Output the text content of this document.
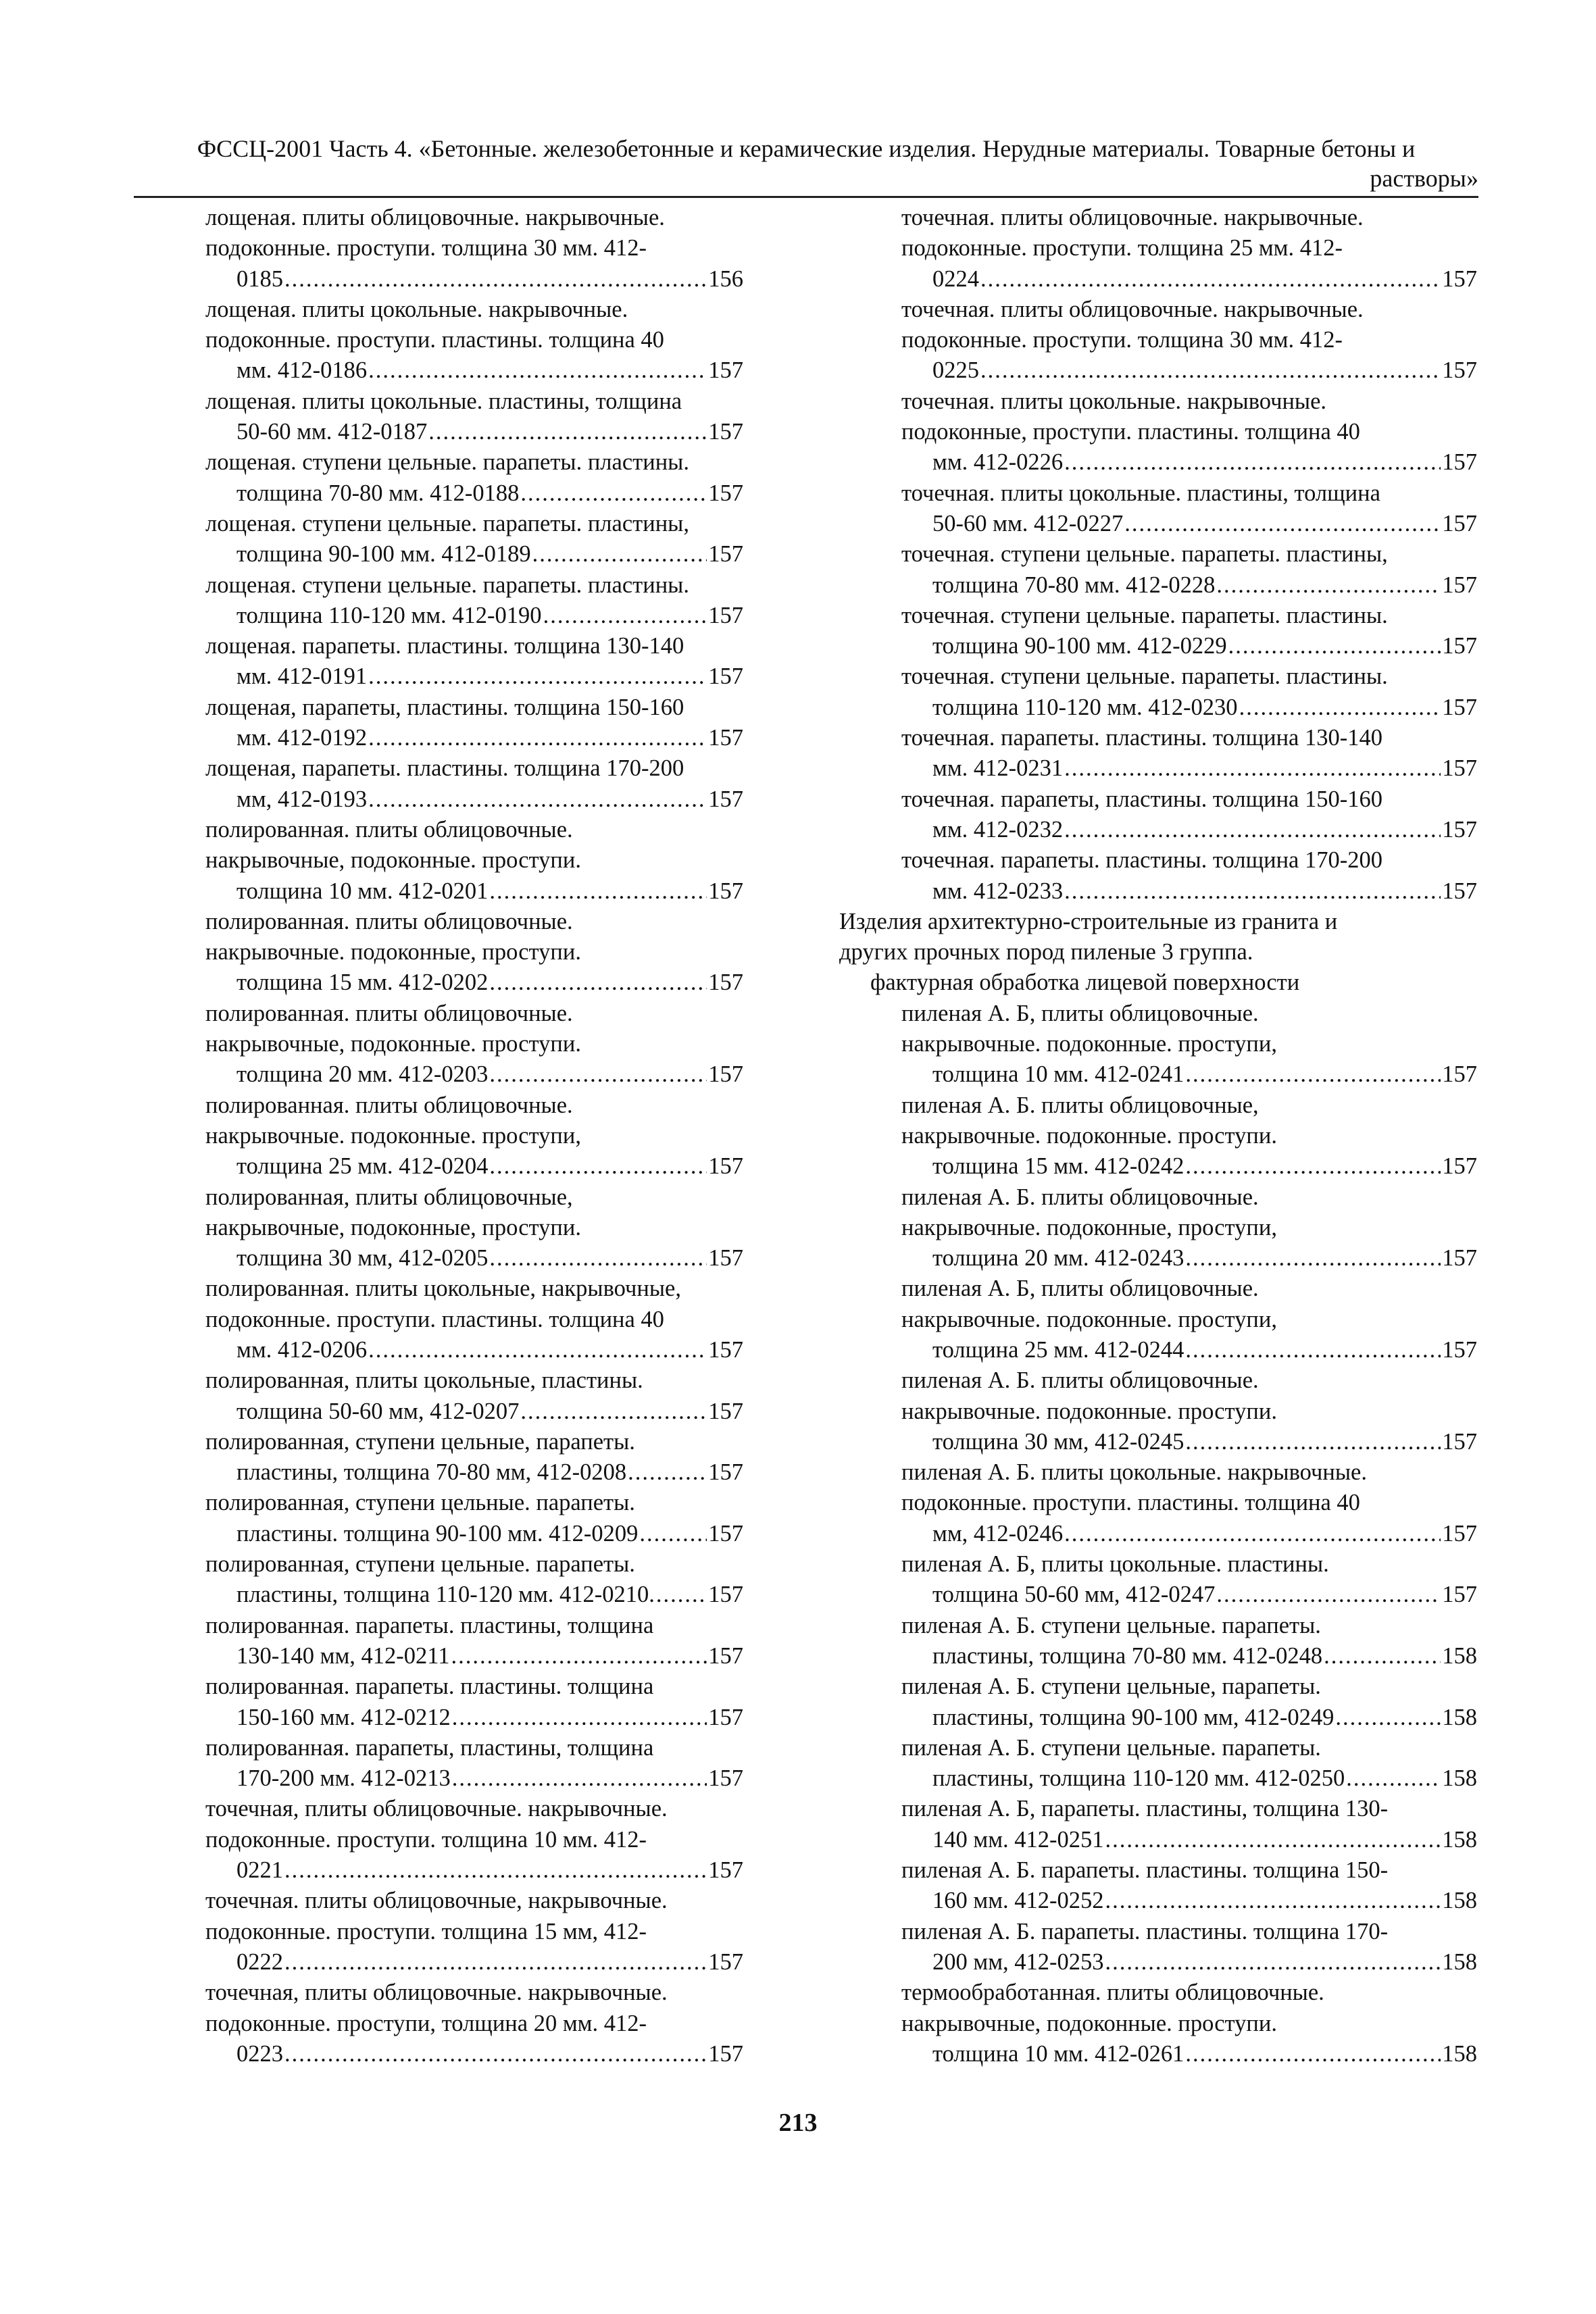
ФССЦ-2001 Часть 4. «Бетонные. железобетонные и керамические изделия. Нерудные материалы. Товарные бетоны и
растворы»
лощеная. плиты облицовочные. накрывочные.
подоконные. проступи. толщина 30 мм. 412-
0185 .....	156
лощеная. плиты цокольные. накрывочные.
подоконные. проступи. пластины. толщина 40
мм. 412-0186 .....	157
лощеная. плиты цокольные. пластины, толщина
50-60 мм. 412-0187 .....	157
лощеная. ступени цельные. парапеты. пластины.
толщина 70-80 мм. 412-0188 .....	157
лощеная. ступени цельные. парапеты. пластины,
толщина 90-100 мм. 412-0189 .....	157
лощеная. ступени цельные. парапеты. пластины.
толщина 110-120 мм. 412-0190 .....	157
лощеная. парапеты. пластины. толщина 130-140
мм. 412-0191 .....	157
лощеная, парапеты, пластины. толщина 150-160
мм. 412-0192 .....	157
лощеная, парапеты. пластины. толщина 170-200
мм, 412-0193 .....	157
полированная. плиты облицовочные.
накрывочные, подоконные. проступи.
толщина 10 мм. 412-0201 .....	157
полированная. плиты облицовочные.
накрывочные. подоконные, проступи.
толщина 15 мм. 412-0202 .....	157
полированная. плиты облицовочные.
накрывочные, подоконные. проступи.
толщина 20 мм. 412-0203 .....	157
полированная. плиты облицовочные.
накрывочные. подоконные. проступи,
толщина 25 мм. 412-0204 .....	157
полированная, плиты облицовочные,
накрывочные, подоконные, проступи.
толщина 30 мм, 412-0205 .....	157
полированная. плиты цокольные, накрывочные,
подоконные. проступи. пластины. толщина 40
мм. 412-0206 .....	157
полированная, плиты цокольные, пластины.
толщина 50-60 мм, 412-0207 .....	157
полированная, ступени цельные, парапеты.
пластины, толщина 70-80 мм, 412-0208 .....	157
полированная, ступени цельные. парапеты.
пластины. толщина 90-100 мм. 412-0209 .....	157
полированная, ступени цельные. парапеты.
пластины, толщина 110-120 мм. 412-0210. ..... 157
полированная. парапеты. пластины, толщина
130-140 мм, 412-0211 .....	157
полированная. парапеты. пластины. толщина
150-160 мм. 412-0212 .....	157
полированная. парапеты, пластины, толщина
170-200 мм. 412-0213 .....	157
точечная, плиты облицовочные. накрывочные.
подоконные. проступи. толщина 10 мм. 412-
0221 .....	157
точечная. плиты облицовочные, накрывочные.
подоконные. проступи. толщина 15 мм, 412-
0222 .....	157
точечная, плиты облицовочные. накрывочные.
подоконные. проступи, толщина 20 мм. 412-
0223 .....	157
точечная. плиты облицовочные. накрывочные.
подоконные. проступи. толщина 25 мм. 412-
0224 .....	157
точечная. плиты облицовочные. накрывочные.
подоконные. проступи. толщина 30 мм. 412-
0225 .....	157
точечная. плиты цокольные. накрывочные.
подоконные, проступи. пластины. толщина 40
мм. 412-0226 .....	157
точечная. плиты цокольные. пластины, толщина
50-60 мм. 412-0227 .....	157
точечная. ступени цельные. парапеты. пластины,
толщина 70-80 мм. 412-0228 .....	157
точечная. ступени цельные. парапеты. пластины.
толщина 90-100 мм. 412-0229 .....	157
точечная. ступени цельные. парапеты. пластины.
толщина 110-120 мм. 412-0230 .....	157
точечная. парапеты. пластины. толщина 130-140
мм. 412-0231 .....	157
точечная. парапеты, пластины. толщина 150-160
мм. 412-0232 .....	157
точечная. парапеты. пластины. толщина 170-200
мм. 412-0233 .....	157
Изделия архитектурно-строительные из гранита и
других прочных пород пиленые 3 группа.
фактурная обработка лицевой поверхности
пиленая А. Б, плиты облицовочные.
накрывочные. подоконные. проступи,
толщина 10 мм. 412-0241 .....	157
пиленая А. Б. плиты облицовочные,
накрывочные. подоконные. проступи.
толщина 15 мм. 412-0242 .....	157
пиленая А. Б. плиты облицовочные.
накрывочные. подоконные, проступи,
толщина 20 мм. 412-0243 .....	157
пиленая А. Б, плиты облицовочные.
накрывочные. подоконные. проступи,
толщина 25 мм. 412-0244 .....	157
пиленая А. Б. плиты облицовочные.
накрывочные. подоконные. проступи.
толщина 30 мм, 412-0245 .....	157
пиленая А. Б. плиты цокольные. накрывочные.
подоконные. проступи. пластины. толщина 40
мм, 412-0246 .....	157
пиленая А. Б, плиты цокольные. пластины.
толщина 50-60 мм, 412-0247 .....	157
пиленая А. Б. ступени цельные. парапеты.
пластины, толщина 70-80 мм. 412-0248 .....	158
пиленая А. Б. ступени цельные, парапеты.
пластины, толщина 90-100 мм, 412-0249 .....	158
пиленая А. Б. ступени цельные. парапеты.
пластины, толщина 110-120 мм. 412-0250 .....	158
пиленая А. Б, парапеты. пластины, толщина 130-
140 мм. 412-0251 .....	158
пиленая А. Б. парапеты. пластины. толщина 150-
160 мм. 412-0252 .....	158
пиленая А. Б. парапеты. пластины. толщина 170-
200 мм, 412-0253 .....	158
термообработанная. плиты облицовочные.
накрывочные, подоконные. проступи.
толщина 10 мм. 412-0261 .....	158
213
